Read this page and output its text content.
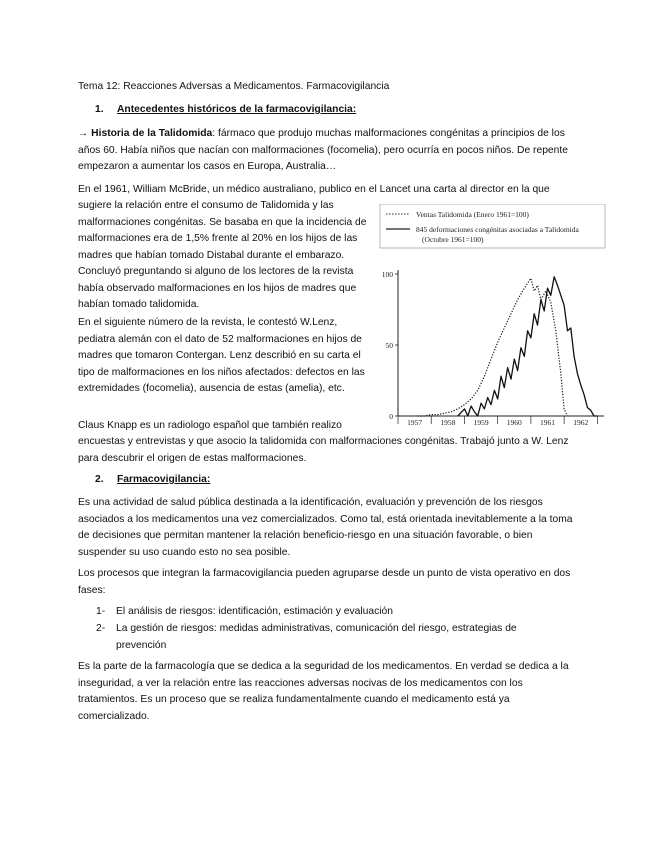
Tema 12: Reacciones Adversas a Medicamentos. Farmacovigilancia

1. Antecedentes históricos de la farmacovigilancia:

→ Historia de la Talidomida: fármaco que produjo muchas malformaciones congénitas a principios de los años 60. Había niños que nacían con malformaciones (focomelia), pero ocurría en pocos niños. De repente empezaron a aumentar los casos en Europa, Australia…

En el 1961, William McBride, un médico australiano, publico en el Lancet una carta al director en la que

sugiere la relación entre el consumo de Talidomida y las malformaciones congénitas. Se basaba en que la incidencia de malformaciones era de 1,5% frente al 20% en los hijos de las madres que habían tomado Distabal durante el embarazo. Concluyó preguntando si alguno de los lectores de la revista había observado malformaciones en los hijos de madres que habían tomado talidomida.

En el siguiente número de la revista, le contestó W.Lenz, pediatra alemán con el dato de 52 malformaciones en hijos de madres que tomaron Contergan. Lenz describió en su carta el tipo de malformaciones en los niños afectados: defectos en las extremidades (focomelia), ausencia de estas (amelia), etc.

Claus Knapp es un radiologo español que también realizo

encuestas y entrevistas y que asocio la talidomida con malformaciones congénitas. Trabajó junto a W. Lenz para descubrir el origen de estas malformaciones.

2. Farmacovigilancia:

Es una actividad de salud pública destinada a la identificación, evaluación y prevención de los riesgos asociados a los medicamentos una vez comercializados. Como tal, está orientada inevitablemente a la toma de decisiones que permitan mantener la relación beneficio-riesgo en una situación favorable, o bien suspender su uso cuando esto no sea posible.

Los procesos que integran la farmacovigilancia pueden agruparse desde un punto de vista operativo en dos fases:

1- El análisis de riesgos: identificación, estimación y evaluación
2- La gestión de riesgos: medidas administrativas, comunicación del riesgo, estrategias de prevención

Es la parte de la farmacología que se dedica a la seguridad de los medicamentos. En verdad se dedica a la inseguridad, a ver la relación entre las reacciones adversas nocivas de los medicamentos con los tratamientos. Es un proceso que se realiza fundamentalmente cuando el medicamento está ya comercializado.

Ventas Talidomida (Enero 1961=100)
845 deformaciones congénitas asociadas a Talidomida (Octubre 1961=100)
0
50
100
1957 1958 1959 1960 1961 1962
